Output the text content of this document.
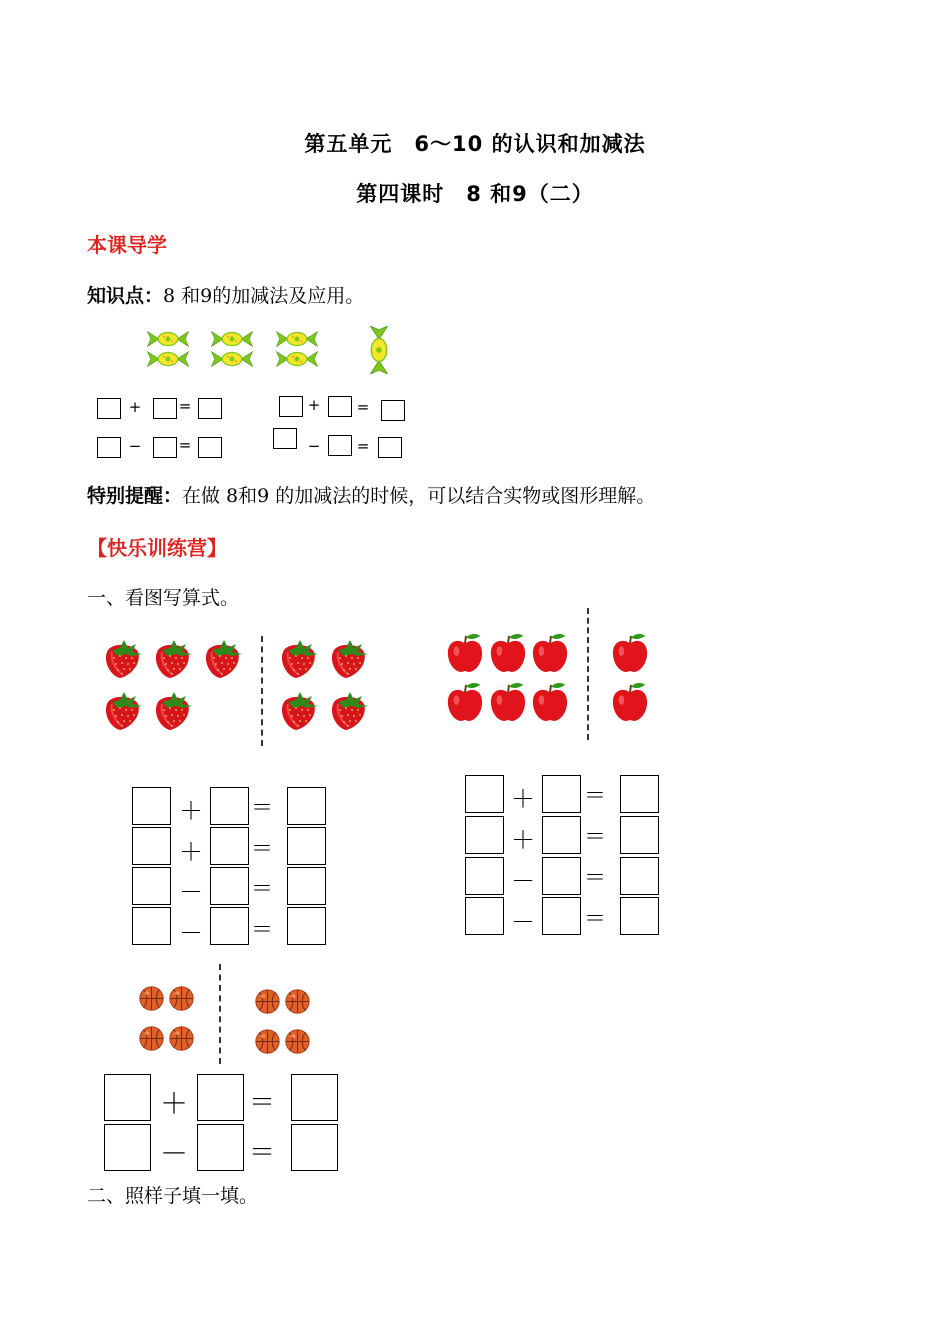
第五单元　6～10 的认识和加减法
第四课时　8 和9（二）
本课导学
知识点：8 和9的加减法及应用。
+ =	+ =
− =	− =
特别提醒：在做 8和9 的加减法的时候，可以结合实物或图形理解。
【快乐训练营】
一、看图写算式。
＋ ＝
＋ ＝
－ ＝
－ ＝
＋ ＝
＋ ＝
－ ＝
－ ＝
＋ ＝
－ ＝
二、照样子填一填。
